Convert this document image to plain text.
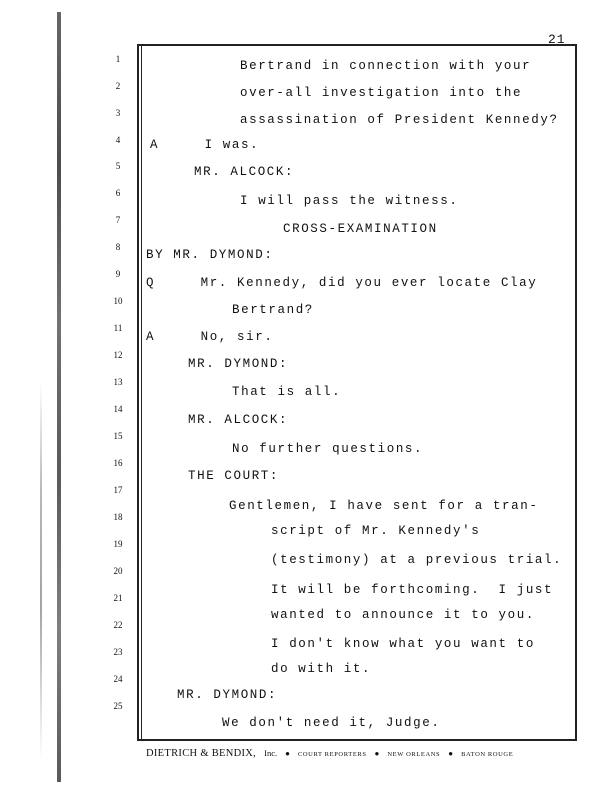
21
1
2
3
4
5
6
7
8
9
10
11
12
13
14
15
16
17
18
19
20
21
22
23
24
25
Bertrand in connection with your
over-all investigation into the
assassination of President Kennedy?
A     I was.
MR. ALCOCK:
I will pass the witness.
CROSS-EXAMINATION
BY MR. DYMOND:
Q     Mr. Kennedy, did you ever locate Clay
Bertrand?
A     No, sir.
MR. DYMOND:
That is all.
MR. ALCOCK:
No further questions.
THE COURT:
Gentlemen, I have sent for a tran-
script of Mr. Kennedy's
(testimony) at a previous trial.
It will be forthcoming.  I just
wanted to announce it to you.
I don't know what you want to
do with it.
MR. DYMOND:
We don't need it, Judge.
DIETRICH & BENDIX, Inc. ● COURT REPORTERS ● NEW ORLEANS ● BATON ROUGE
